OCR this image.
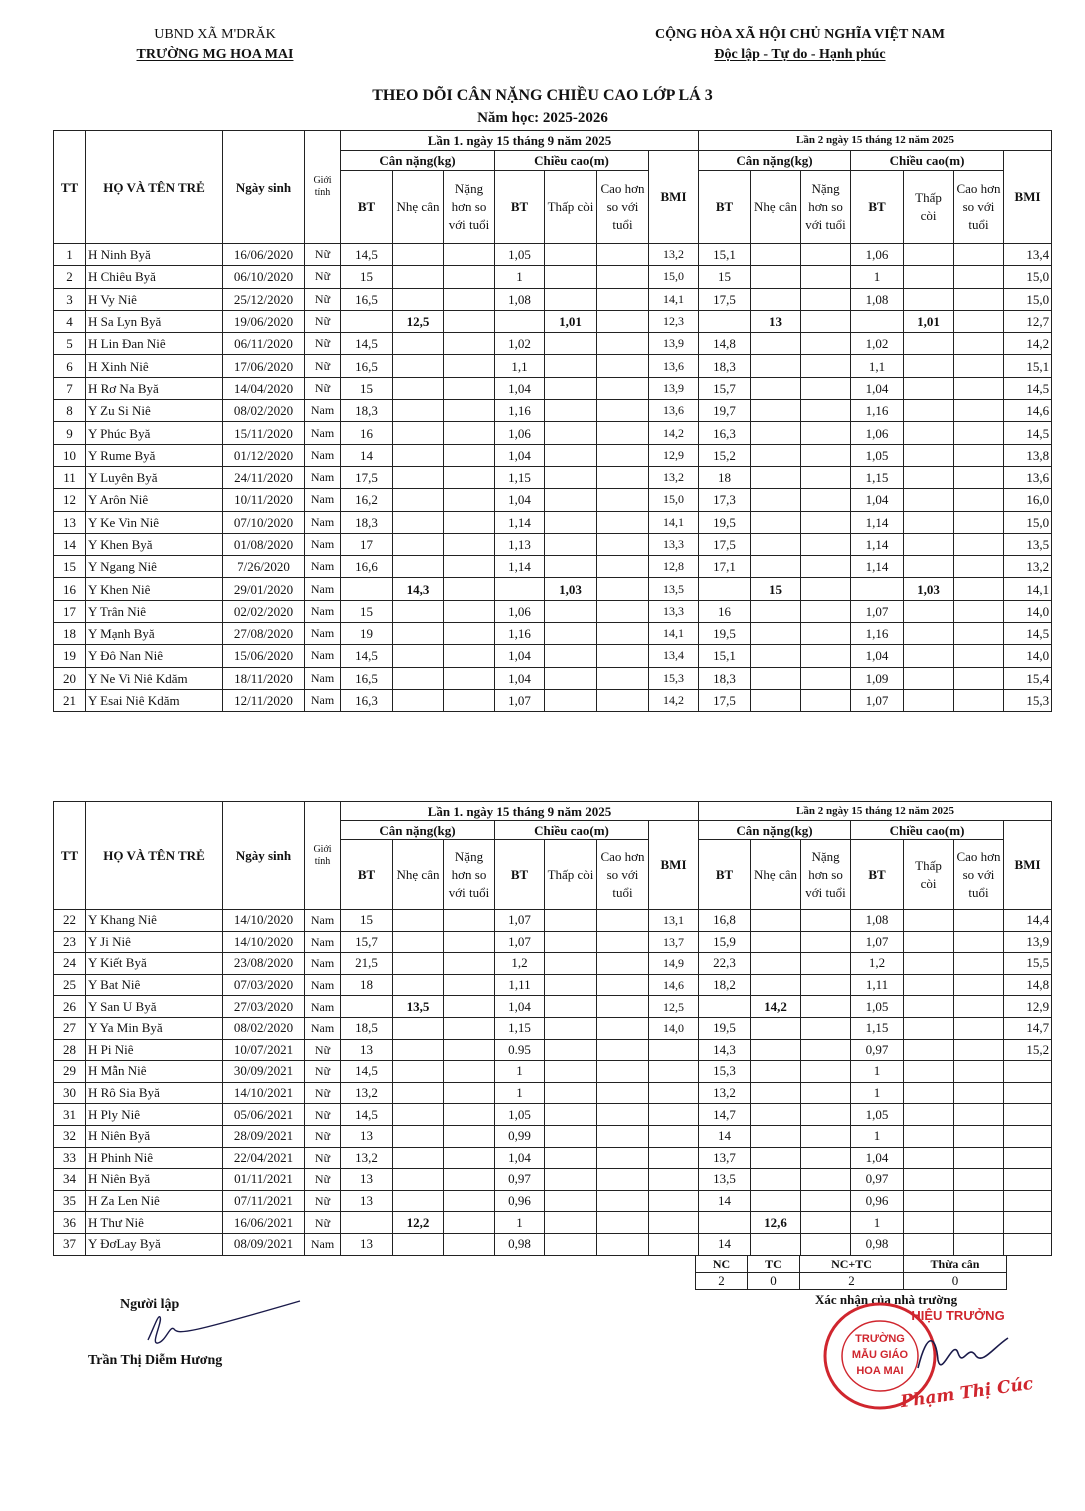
UBND XÃ M'DRĂK
TRƯỜNG MG HOA MAI
CỘNG HÒA XÃ HỘI CHỦ NGHĨA VIỆT NAM
Độc lập - Tự do - Hạnh phúc
THEO DÕI CÂN NẶNG CHIỀU CAO LỚP LÁ 3
Năm học: 2025-2026
TT	HỌ VÀ TÊN TRẺ	Ngày sinh	Giới tính	Lần 1. ngày 15 tháng 9 năm 2025							Lần 2 ngày 15 tháng 12 năm 2025						
				Cân nặng(kg)			Chiều cao(m)			BMI	Cân nặng(kg)			Chiều cao(m)			BMI
				BT	Nhẹ cân	Nặng hơn so với tuổi	BT	Thấp còi	Cao hơn so với tuổi		BT	Nhẹ cân	Nặng hơn so với tuổi	BT	Thấp còi	Cao hơn so với tuổi	
1	H Ninh Byă	16/06/2020	Nữ	14,5			1,05			13,2	15,1			1,06			13,4
2	H Chiêu Byă	06/10/2020	Nữ	15			1			15,0	15			1			15,0
3	H Vy Niê	25/12/2020	Nữ	16,5			1,08			14,1	17,5			1,08			15,0
4	H Sa Lyn Byă	19/06/2020	Nữ		12,5			1,01		12,3		13			1,01		12,7
5	H Lin Đan Niê	06/11/2020	Nữ	14,5			1,02			13,9	14,8			1,02			14,2
6	H Xinh Niê	17/06/2020	Nữ	16,5			1,1			13,6	18,3			1,1			15,1
7	H Rơ Na Byă	14/04/2020	Nữ	15			1,04			13,9	15,7			1,04			14,5
8	Y Zu Si Niê	08/02/2020	Nam	18,3			1,16			13,6	19,7			1,16			14,6
9	Y Phúc Byă	15/11/2020	Nam	16			1,06			14,2	16,3			1,06			14,5
10	Y Rume Byă	01/12/2020	Nam	14			1,04			12,9	15,2			1,05			13,8
11	Y Luyên Byă	24/11/2020	Nam	17,5			1,15			13,2	18			1,15			13,6
12	Y Arôn Niê	10/11/2020	Nam	16,2			1,04			15,0	17,3			1,04			16,0
13	Y Ke Vin Niê	07/10/2020	Nam	18,3			1,14			14,1	19,5			1,14			15,0
14	Y Khen Byă	01/08/2020	Nam	17			1,13			13,3	17,5			1,14			13,5
15	Y Ngang Niê	7/26/2020	Nam	16,6			1,14			12,8	17,1			1,14			13,2
16	Y Khen Niê	29/01/2020	Nam		14,3			1,03		13,5		15			1,03		14,1
17	Y Trân Niê	02/02/2020	Nam	15			1,06			13,3	16			1,07			14,0
18	Y Mạnh Byă	27/08/2020	Nam	19			1,16			14,1	19,5			1,16			14,5
19	Y Đô Nan Niê	15/06/2020	Nam	14,5			1,04			13,4	15,1			1,04			14,0
20	Y Ne Vi Niê Kdăm	18/11/2020	Nam	16,5			1,04			15,3	18,3			1,09			15,4
21	Y Esai Niê Kdăm	12/11/2020	Nam	16,3			1,07			14,2	17,5			1,07			15,3
TT	HỌ VÀ TÊN TRẺ	Ngày sinh	Giới tính	Lần 1. ngày 15 tháng 9 năm 2025							Lần 2 ngày 15 tháng 12 năm 2025						
				Cân nặng(kg)			Chiều cao(m)			BMI	Cân nặng(kg)			Chiều cao(m)			BMI
				BT	Nhẹ cân	Nặng hơn so với tuổi	BT	Thấp còi	Cao hơn so với tuổi		BT	Nhẹ cân	Nặng hơn so với tuổi	BT	Thấp còi	Cao hơn so với tuổi	
22	Y Khang Niê	14/10/2020	Nam	15			1,07			13,1	16,8			1,08			14,4
23	Y Ji Niê	14/10/2020	Nam	15,7			1,07			13,7	15,9			1,07			13,9
24	Y Kiết Byă	23/08/2020	Nam	21,5			1,2			14,9	22,3			1,2			15,5
25	Y Bat Niê	07/03/2020	Nam	18			1,11			14,6	18,2			1,11			14,8
26	Y San U Byă	27/03/2020	Nam		13,5		1,04			12,5		14,2		1,05			12,9
27	Y Ya Min Byă	08/02/2020	Nam	18,5			1,15			14,0	19,5			1,15			14,7
28	H Pi Niê	10/07/2021	Nữ	13			0.95				14,3			0,97			15,2
29	H Mẫn Niê	30/09/2021	Nữ	14,5			1				15,3			1			
30	H Rô Sia Byă	14/10/2021	Nữ	13,2			1				13,2			1			
31	H Ply Niê	05/06/2021	Nữ	14,5			1,05				14,7			1,05			
32	H Niên Byă	28/09/2021	Nữ	13			0,99				14			1			
33	H Phinh Niê	22/04/2021	Nữ	13,2			1,04				13,7			1,04			
34	H Niên Byă	01/11/2021	Nữ	13			0,97				13,5			0,97			
35	H Za Len Niê	07/11/2021	Nữ	13			0,96				14			0,96			
36	H Thư Niê	16/06/2021	Nữ		12,2		1					12,6		1			
37	Y ĐơLay Byă	08/09/2021	Nam	13			0,98				14			0,98			
NC	TC	NC+TC	Thừa cân
2	0	2	0
Người lập
Trần Thị Diễm Hương
Xác nhận của nhà trường
TRƯỜNG
MẪU GIÁO
HOA MAI
HIỆU TRƯỞNG
Phạm Thị Cúc
